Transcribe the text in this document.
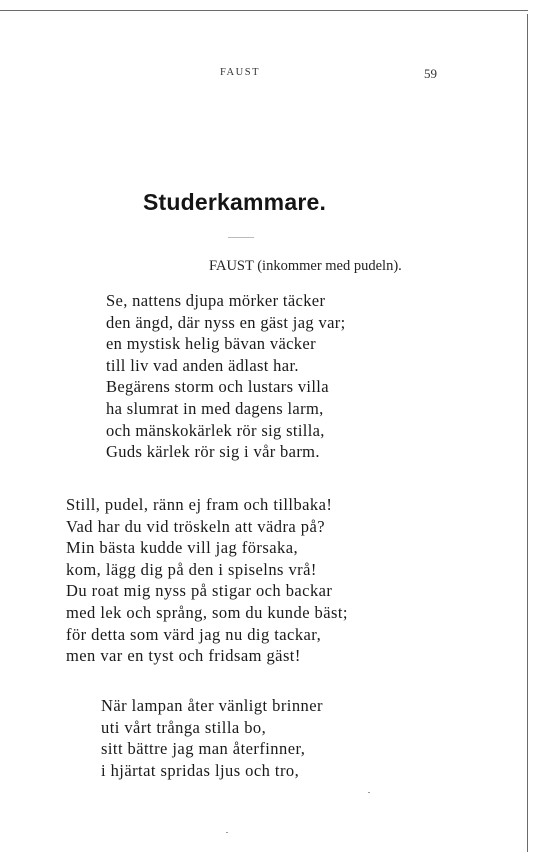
FAUST	59
Studerkammare.
FAUST (inkommer med pudeln).
Se, nattens djupa mörker täcker
den ängd, där nyss en gäst jag var;
en mystisk helig bävan väcker
till liv vad anden ädlast har.
Begärens storm och lustars villa
ha slumrat in med dagens larm,
och mänskokärlek rör sig stilla,
Guds kärlek rör sig i vår barm.
Still, pudel, ränn ej fram och tillbaka!
Vad har du vid tröskeln att vädra på?
Min bästa kudde vill jag försaka,
kom, lägg dig på den i spiselns vrå!
Du roat mig nyss på stigar och backar
med lek och språng, som du kunde bäst;
för detta som värd jag nu dig tackar,
men var en tyst och fridsam gäst!
När lampan åter vänligt brinner
uti vårt trånga stilla bo,
sitt bättre jag man återfinner,
i hjärtat spridas ljus och tro,
